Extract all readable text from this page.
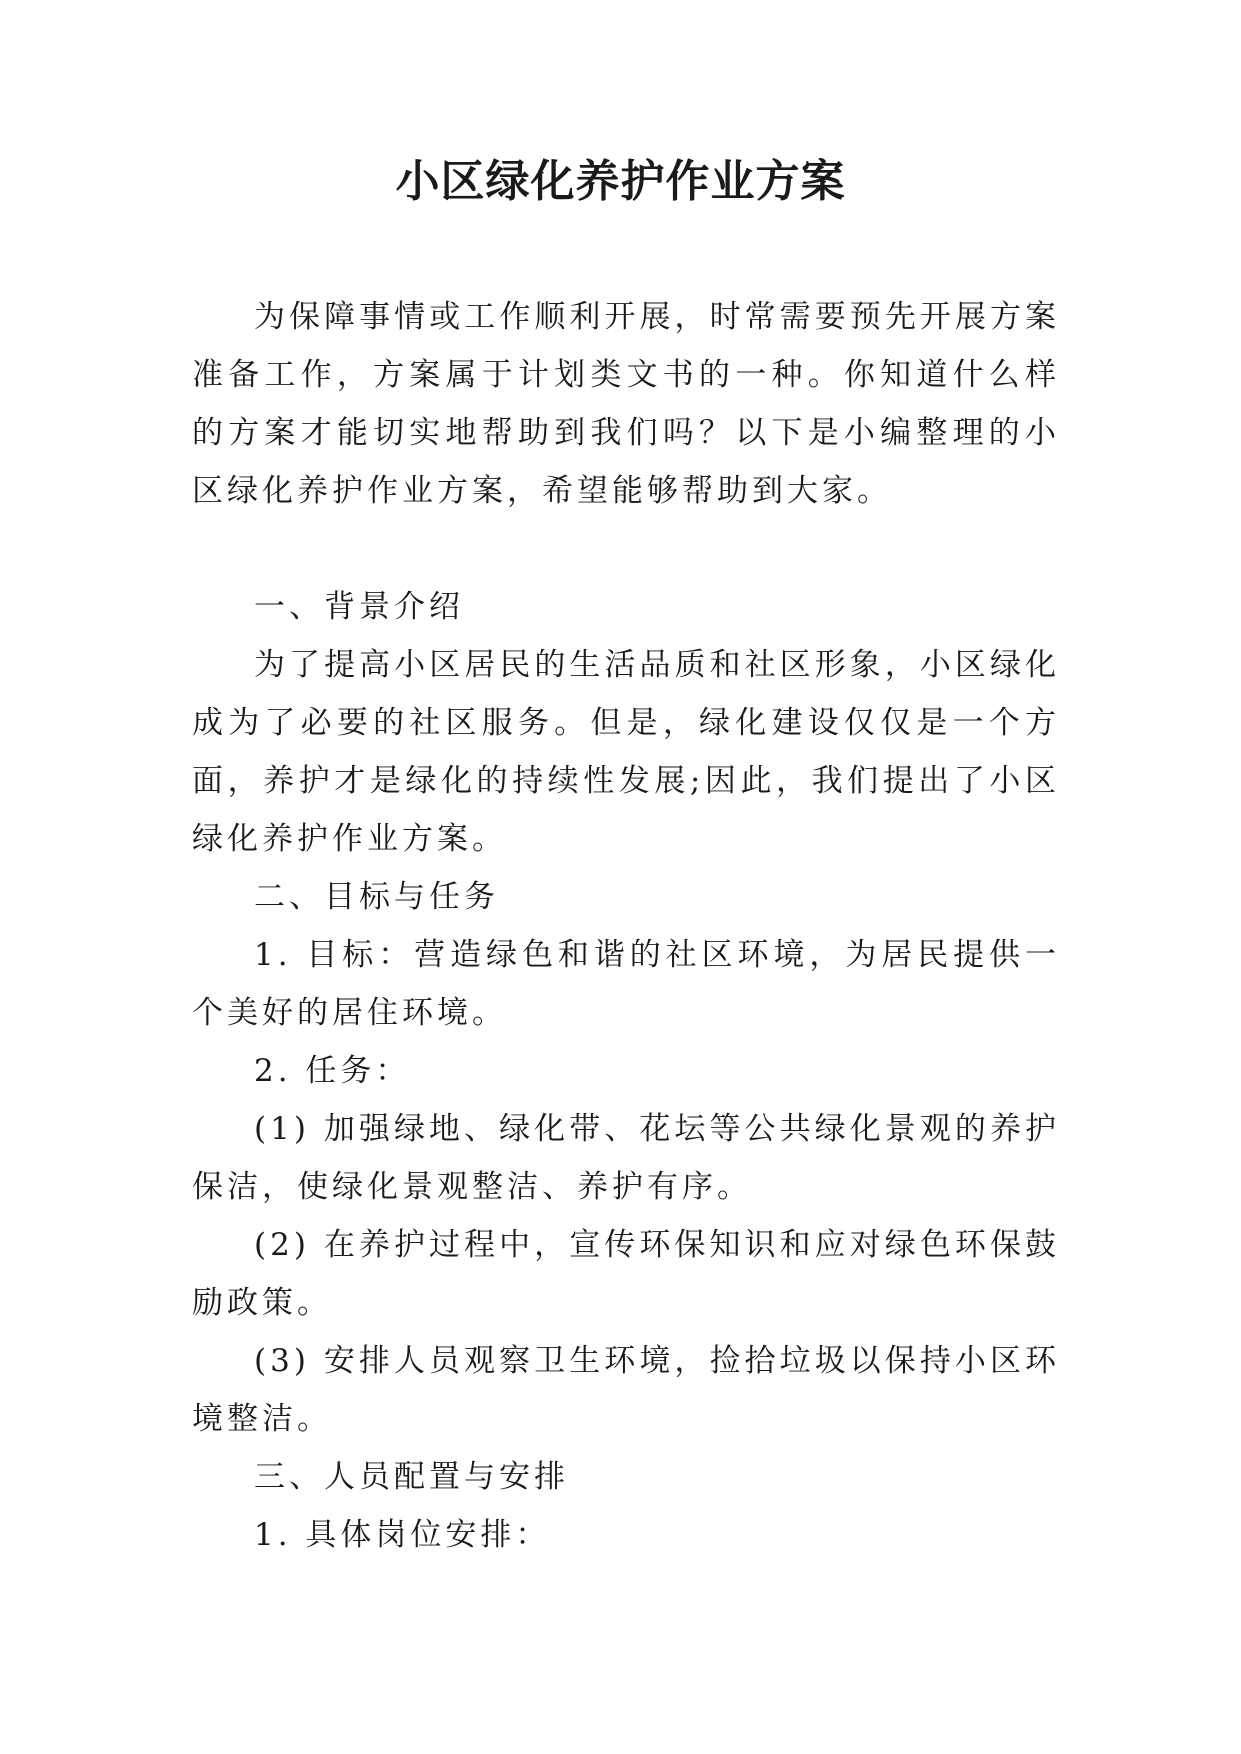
小区绿化养护作业方案

为保障事情或工作顺利开展，时常需要预先开展方案准备工作，方案属于计划类文书的一种。你知道什么样的方案才能切实地帮助到我们吗？以下是小编整理的小区绿化养护作业方案，希望能够帮助到大家。

一、背景介绍

为了提高小区居民的生活品质和社区形象，小区绿化成为了必要的社区服务。但是，绿化建设仅仅是一个方面，养护才是绿化的持续性发展;因此，我们提出了小区绿化养护作业方案。

二、目标与任务

1. 目标：营造绿色和谐的社区环境，为居民提供一个美好的居住环境。

2. 任务：

(1) 加强绿地、绿化带、花坛等公共绿化景观的养护保洁，使绿化景观整洁、养护有序。

(2) 在养护过程中，宣传环保知识和应对绿色环保鼓励政策。

(3) 安排人员观察卫生环境，捡拾垃圾以保持小区环境整洁。

三、人员配置与安排

1. 具体岗位安排：
